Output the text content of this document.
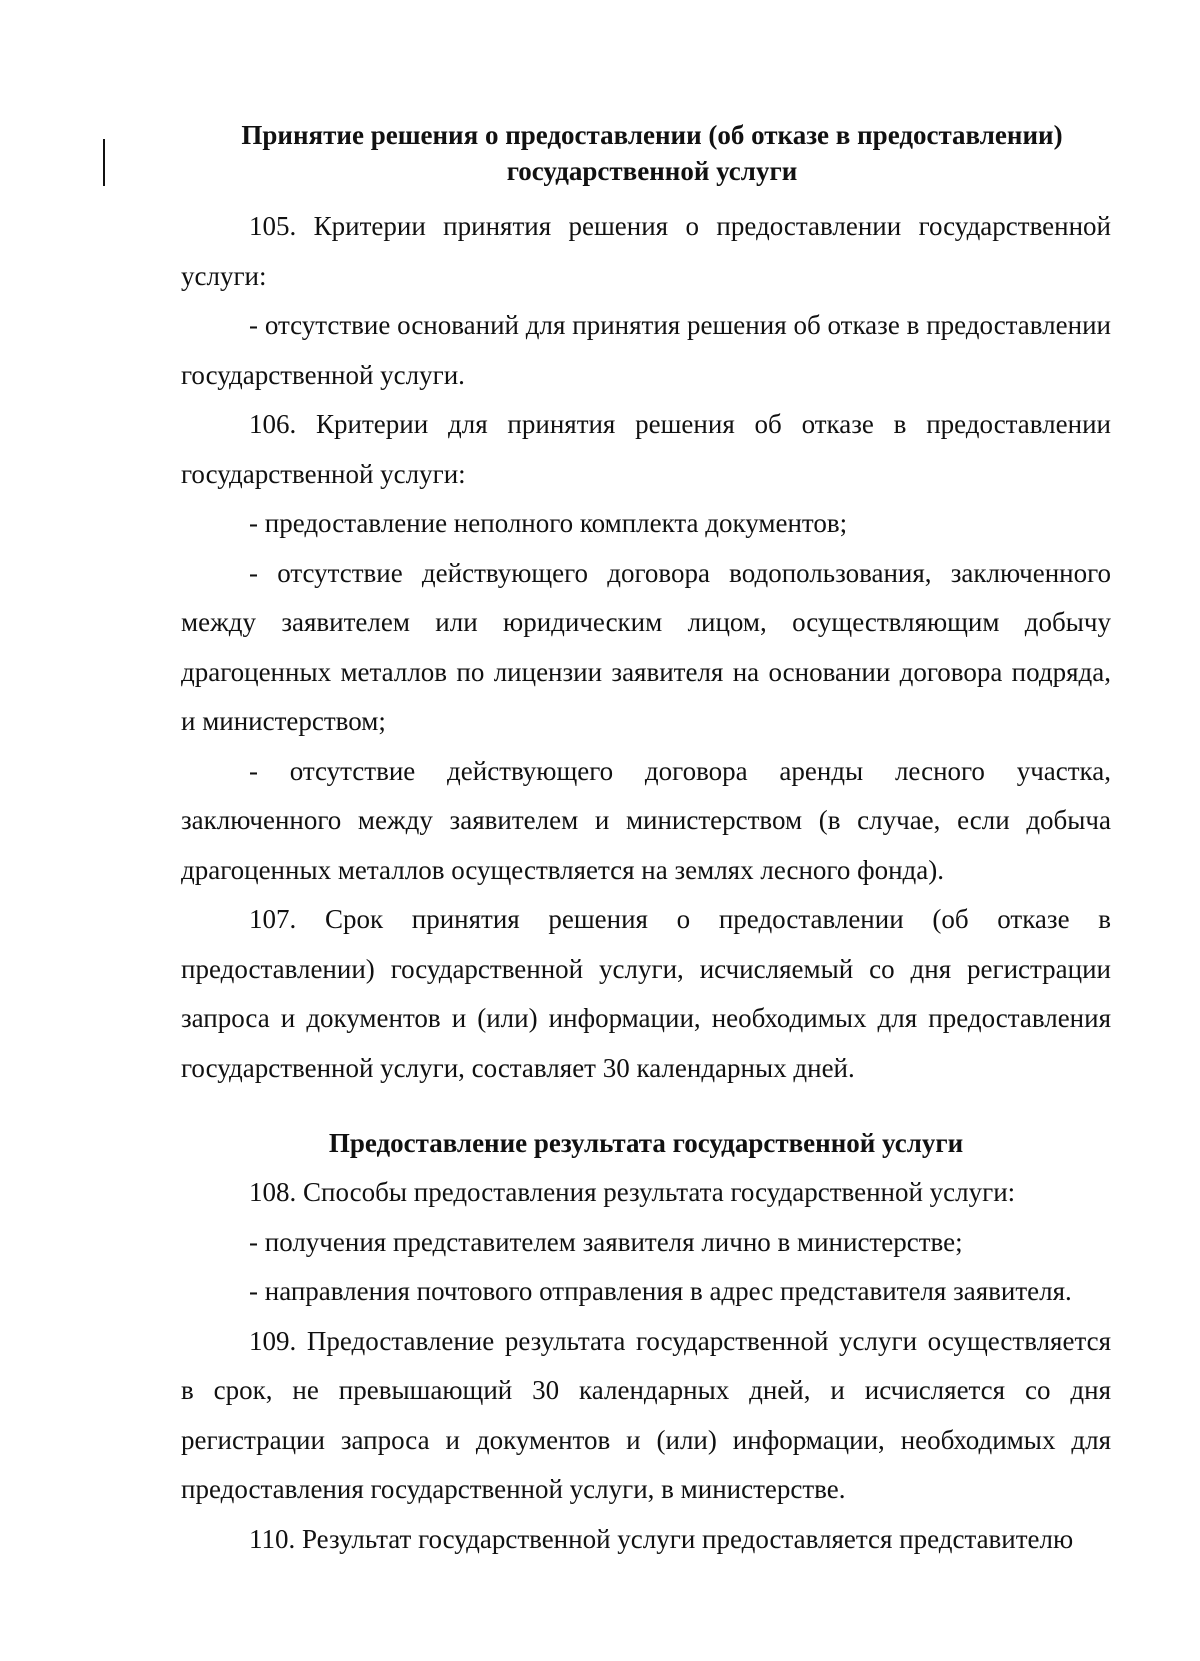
Принятие решения о предоставлении (об отказе в предоставлении)
государственной услуги

105. Критерии принятия решения о предоставлении государственной услуги:

- отсутствие оснований для принятия решения об отказе в предоставлении государственной услуги.

106. Критерии для принятия решения об отказе в предоставлении государственной услуги:

- предоставление неполного комплекта документов;

- отсутствие действующего договора водопользования, заключенного между заявителем или юридическим лицом, осуществляющим добычу драгоценных металлов по лицензии заявителя на основании договора подряда, и министерством;

- отсутствие действующего договора аренды лесного участка, заключенного между заявителем и министерством (в случае, если добыча драгоценных металлов осуществляется на землях лесного фонда).

107. Срок принятия решения о предоставлении (об отказе в предоставлении) государственной услуги, исчисляемый со дня регистрации запроса и документов и (или) информации, необходимых для предоставления государственной услуги, составляет 30 календарных дней.

Предоставление результата государственной услуги

108. Способы предоставления результата государственной услуги:

- получения представителем заявителя лично в министерстве;

- направления почтового отправления в адрес представителя заявителя.

109. Предоставление результата государственной услуги осуществляется в срок, не превышающий 30 календарных дней, и исчисляется со дня регистрации запроса и документов и (или) информации, необходимых для предоставления государственной услуги, в министерстве.

110. Результат государственной услуги предоставляется представителю
